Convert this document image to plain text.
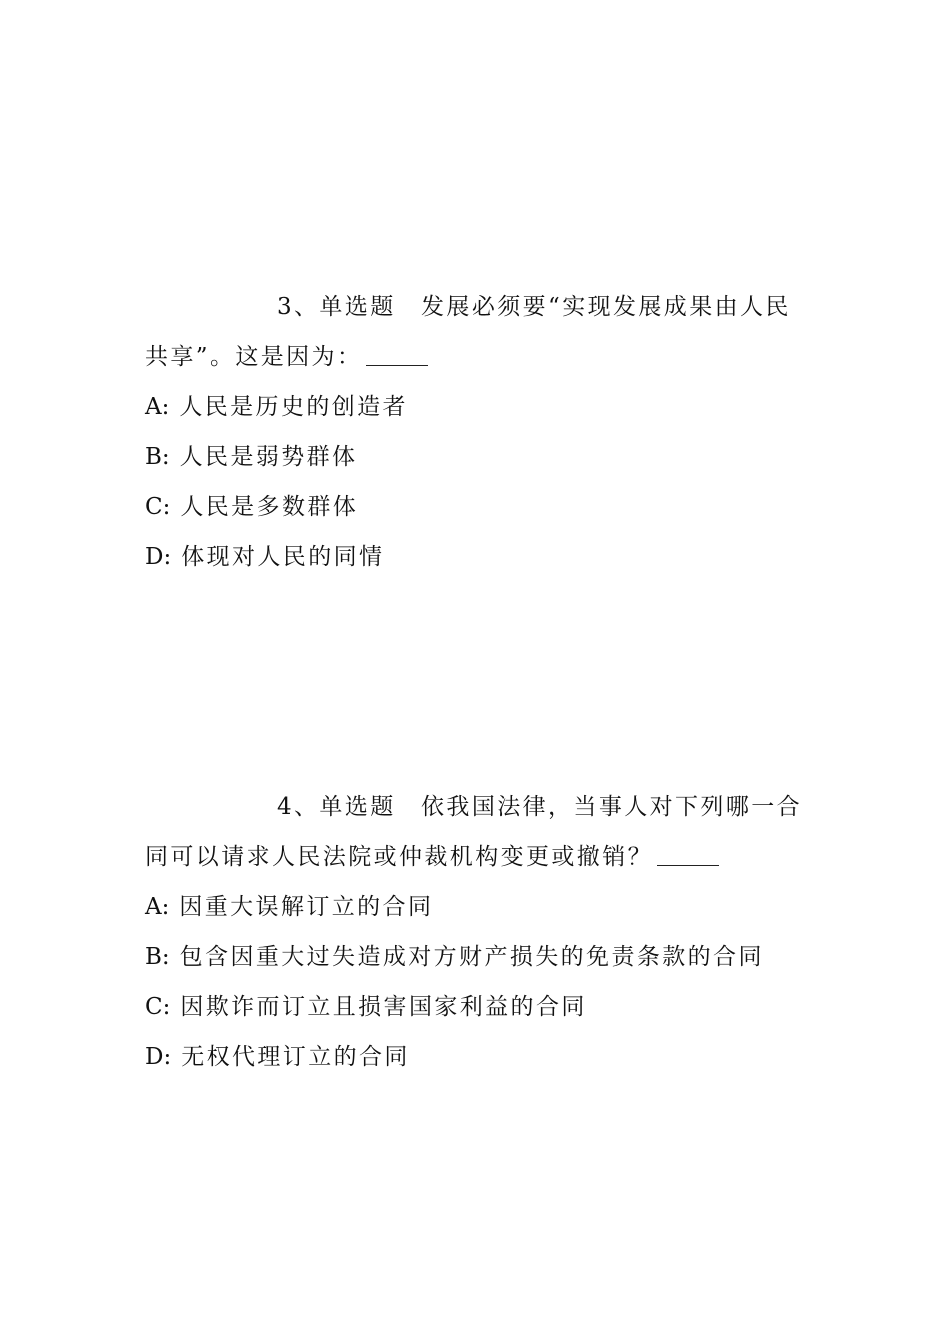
3、单选题　发展必须要“实现发展成果由人民
共享”。这是因为：
A: 人民是历史的创造者
B: 人民是弱势群体
C: 人民是多数群体
D: 体现对人民的同情
4、单选题　依我国法律，当事人对下列哪一合
同可以请求人民法院或仲裁机构变更或撤销？
A: 因重大误解订立的合同
B: 包含因重大过失造成对方财产损失的免责条款的合同
C: 因欺诈而订立且损害国家利益的合同
D: 无权代理订立的合同
